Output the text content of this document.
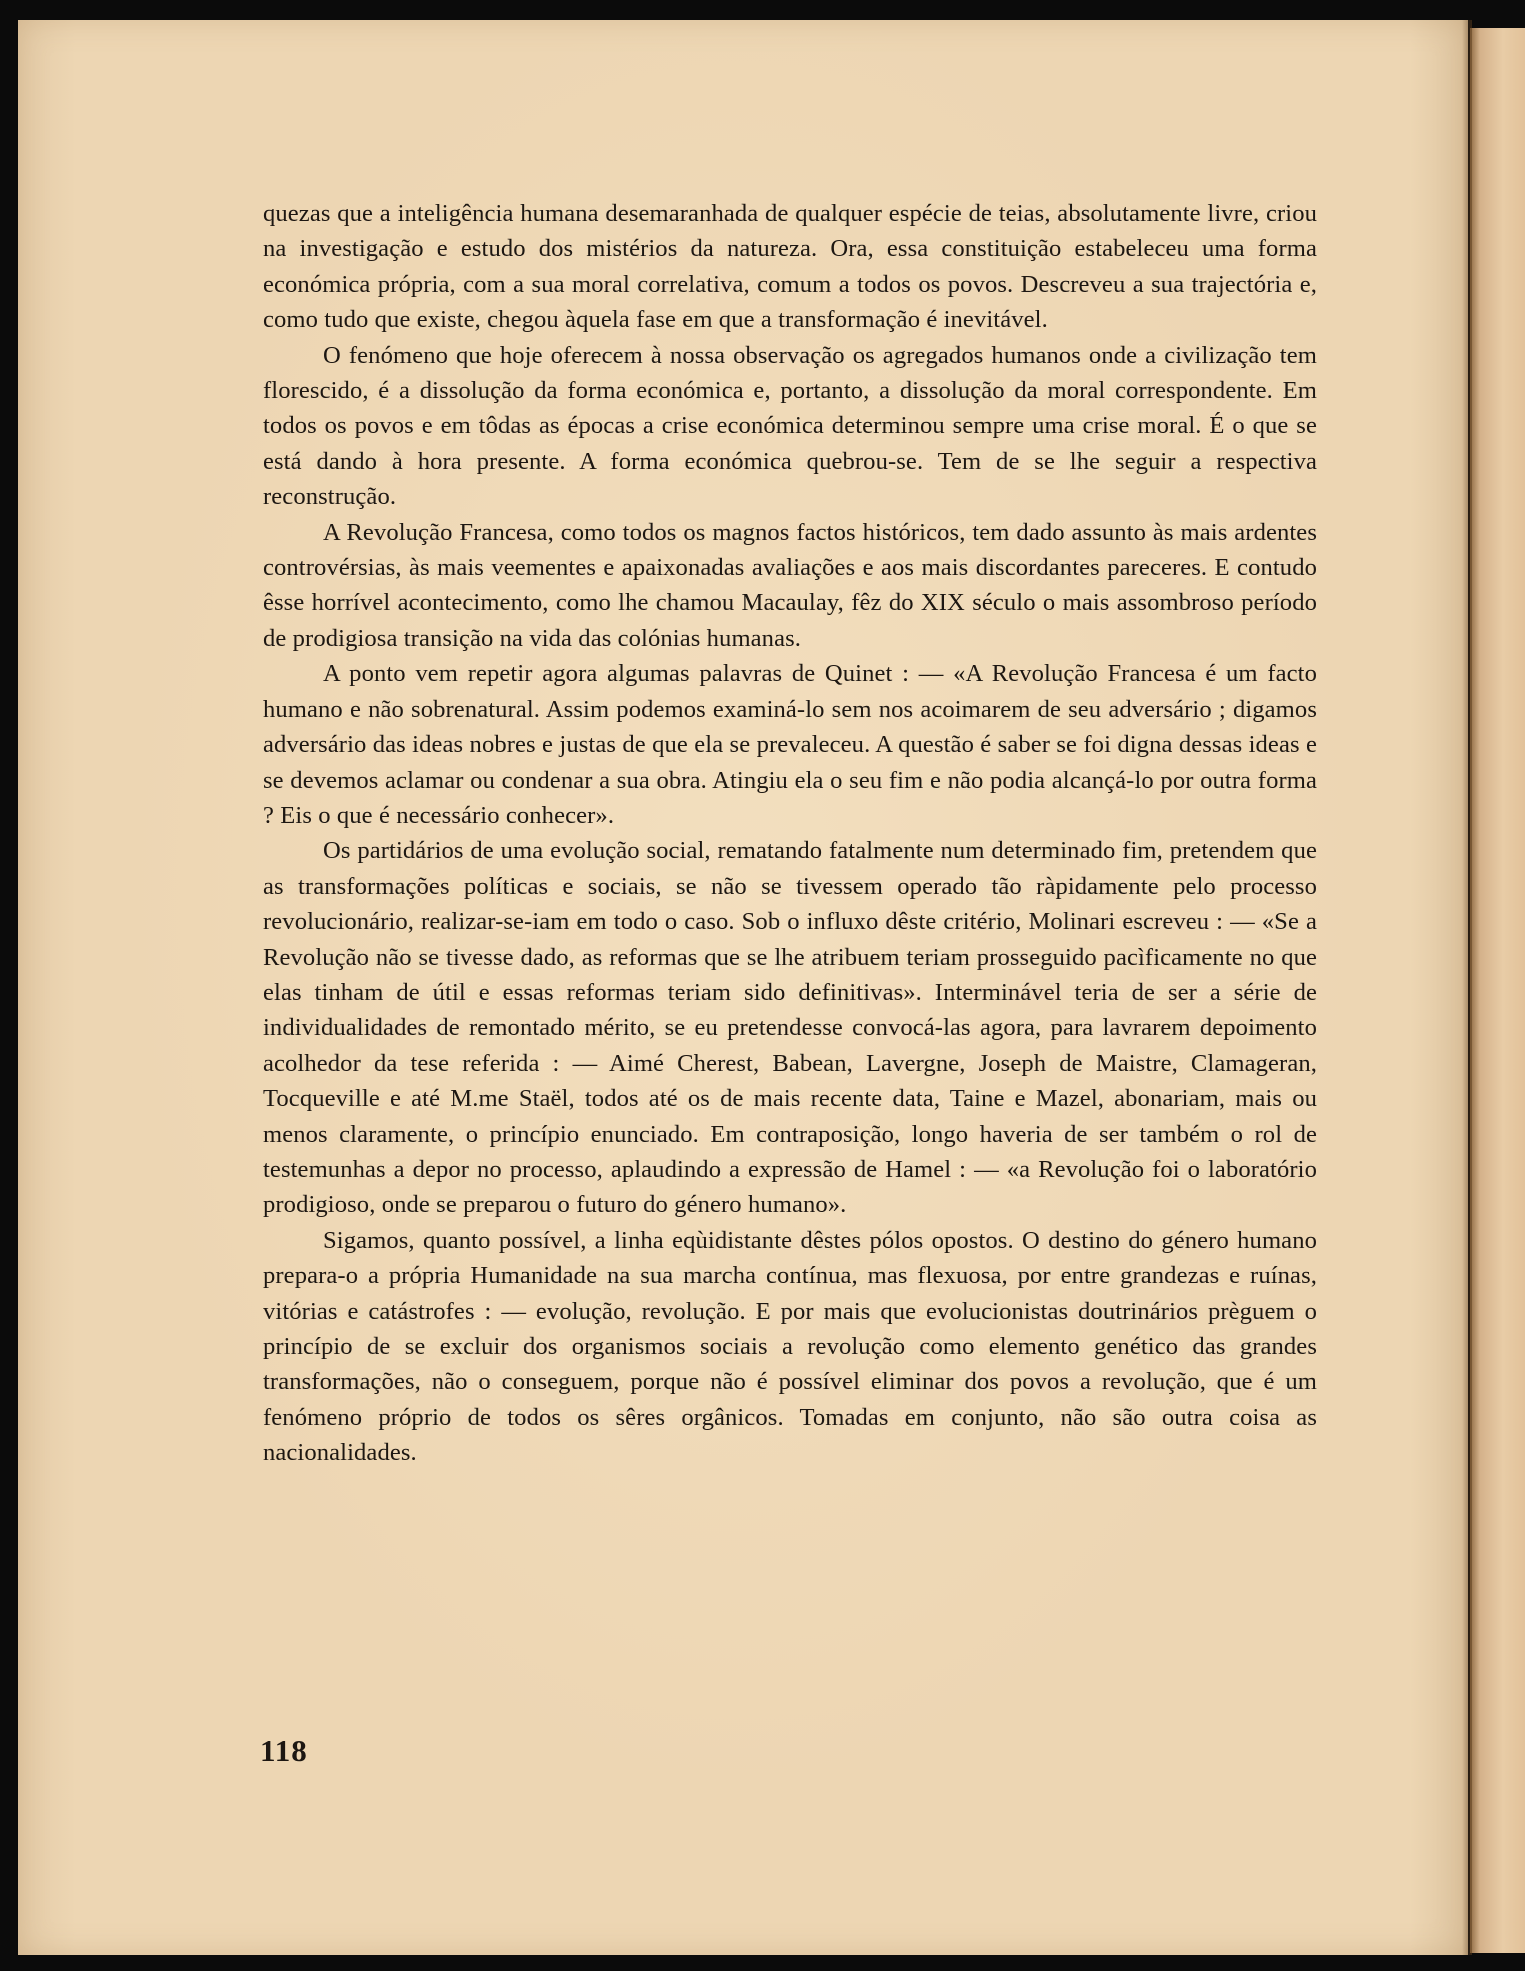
quezas que a inteligência humana desemaranhada de qualquer espécie de teias, absolutamente livre, criou na investigação e estudo dos mistérios da natureza. Ora, essa constituição estabeleceu uma forma económica própria, com a sua moral correlativa, comum a todos os povos. Descreveu a sua trajectória e, como tudo que existe, chegou àquela fase em que a transformação é inevitável.

O fenómeno que hoje oferecem à nossa observação os agregados humanos onde a civilização tem florescido, é a dissolução da forma económica e, portanto, a dissolução da moral correspondente. Em todos os povos e em tôdas as épocas a crise económica determinou sempre uma crise moral. É o que se está dando à hora presente. A forma económica quebrou-se. Tem de se lhe seguir a respectiva reconstrução.

A Revolução Francesa, como todos os magnos factos históricos, tem dado assunto às mais ardentes controvérsias, às mais veementes e apaixonadas avaliações e aos mais discordantes pareceres. E contudo êsse horrível acontecimento, como lhe chamou Macaulay, fêz do XIX século o mais assombroso período de prodigiosa transição na vida das colónias humanas.

A ponto vem repetir agora algumas palavras de Quinet : — «A Revolução Francesa é um facto humano e não sobrenatural. Assim podemos examiná-lo sem nos acoimarem de seu adversário ; digamos adversário das ideas nobres e justas de que ela se prevaleceu. A questão é saber se foi digna dessas ideas e se devemos aclamar ou condenar a sua obra. Atingiu ela o seu fim e não podia alcançá-lo por outra forma ? Eis o que é necessário conhecer».

Os partidários de uma evolução social, rematando fatalmente num determinado fim, pretendem que as transformações políticas e sociais, se não se tivessem operado tão ràpidamente pelo processo revolucionário, realizar-se-iam em todo o caso. Sob o influxo dêste critério, Molinari escreveu : — «Se a Revolução não se tivesse dado, as reformas que se lhe atribuem teriam prosseguido pacìficamente no que elas tinham de útil e essas reformas teriam sido definitivas». Interminável teria de ser a série de individualidades de remontado mérito, se eu pretendesse convocá-las agora, para lavrarem depoimento acolhedor da tese referida : — Aimé Cherest, Babean, Lavergne, Joseph de Maistre, Clamageran, Tocqueville e até M.me Staël, todos até os de mais recente data, Taine e Mazel, abonariam, mais ou menos claramente, o princípio enunciado. Em contraposição, longo haveria de ser também o rol de testemunhas a depor no processo, aplaudindo a expressão de Hamel : — «a Revolução foi o laboratório prodigioso, onde se preparou o futuro do género humano».

Sigamos, quanto possível, a linha eqùidistante dêstes pólos opostos. O destino do género humano prepara-o a própria Humanidade na sua marcha contínua, mas flexuosa, por entre grandezas e ruínas, vitórias e catástrofes : — evolução, revolução. E por mais que evolucionistas doutrinários prèguem o princípio de se excluir dos organismos sociais a revolução como elemento genético das grandes transformações, não o conseguem, porque não é possível eliminar dos povos a revolução, que é um fenómeno próprio de todos os sêres orgânicos. Tomadas em conjunto, não são outra coisa as nacionalidades.

118
